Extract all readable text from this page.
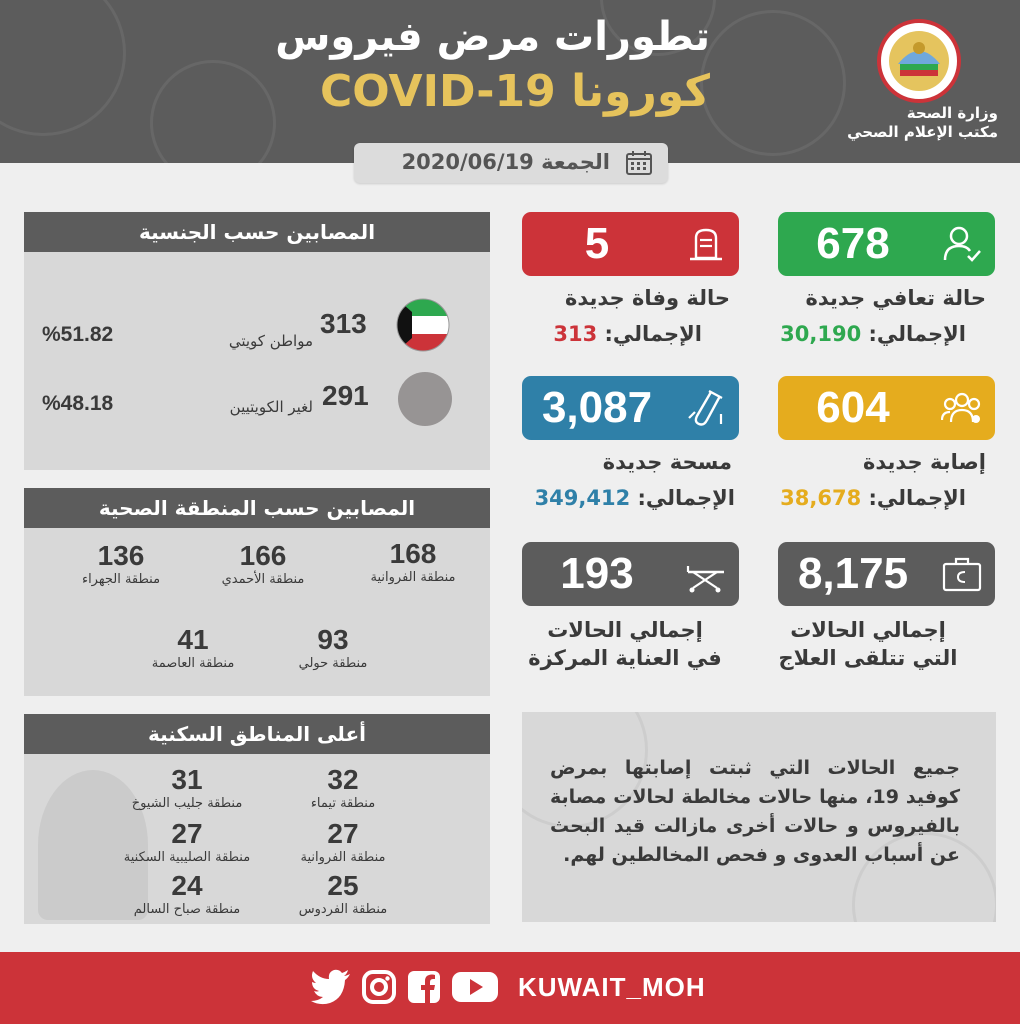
تطورات مرض فيروس
كورونا COVID-19	وزارة الصحة
مكتب الإعلام الصحي
الجمعة 2020/06/19
678
حالة تعافي جديدة
الإجمالي: 30,190
604
إصابة جديدة
الإجمالي: 38,678
8,175
إجمالي الحالات
التي تتلقى العلاج
5
حالة وفاة جديدة
الإجمالي: 313
3,087
مسحة جديدة
الإجمالي: 349,412
193
إجمالي الحالات
في العناية المركزة
المصابين حسب الجنسية
313
مواطن كويتي
%51.82
291
لغير الكويتيين
%48.18
المصابين حسب المنطقة الصحية
168
منطقة الفروانية
166
منطقة الأحمدي
136
منطقة الجهراء
93
منطقة حولي
41
منطقة العاصمة
أعلى المناطق السكنية
32
منطقة تيماء
31
منطقة جليب الشيوخ
27
منطقة الفروانية
27
منطقة الصليبية السكنية
25
منطقة الفردوس
24
منطقة صباح السالم
جميع الحالات التي ثبتت إصابتها بمرض كوفيد 19، منها حالات مخالطة لحالات مصابة بالفيروس و حالات أخرى مازالت قيد البحث عن أسباب العدوى و فحص المخالطين لهم.
KUWAIT_MOH
